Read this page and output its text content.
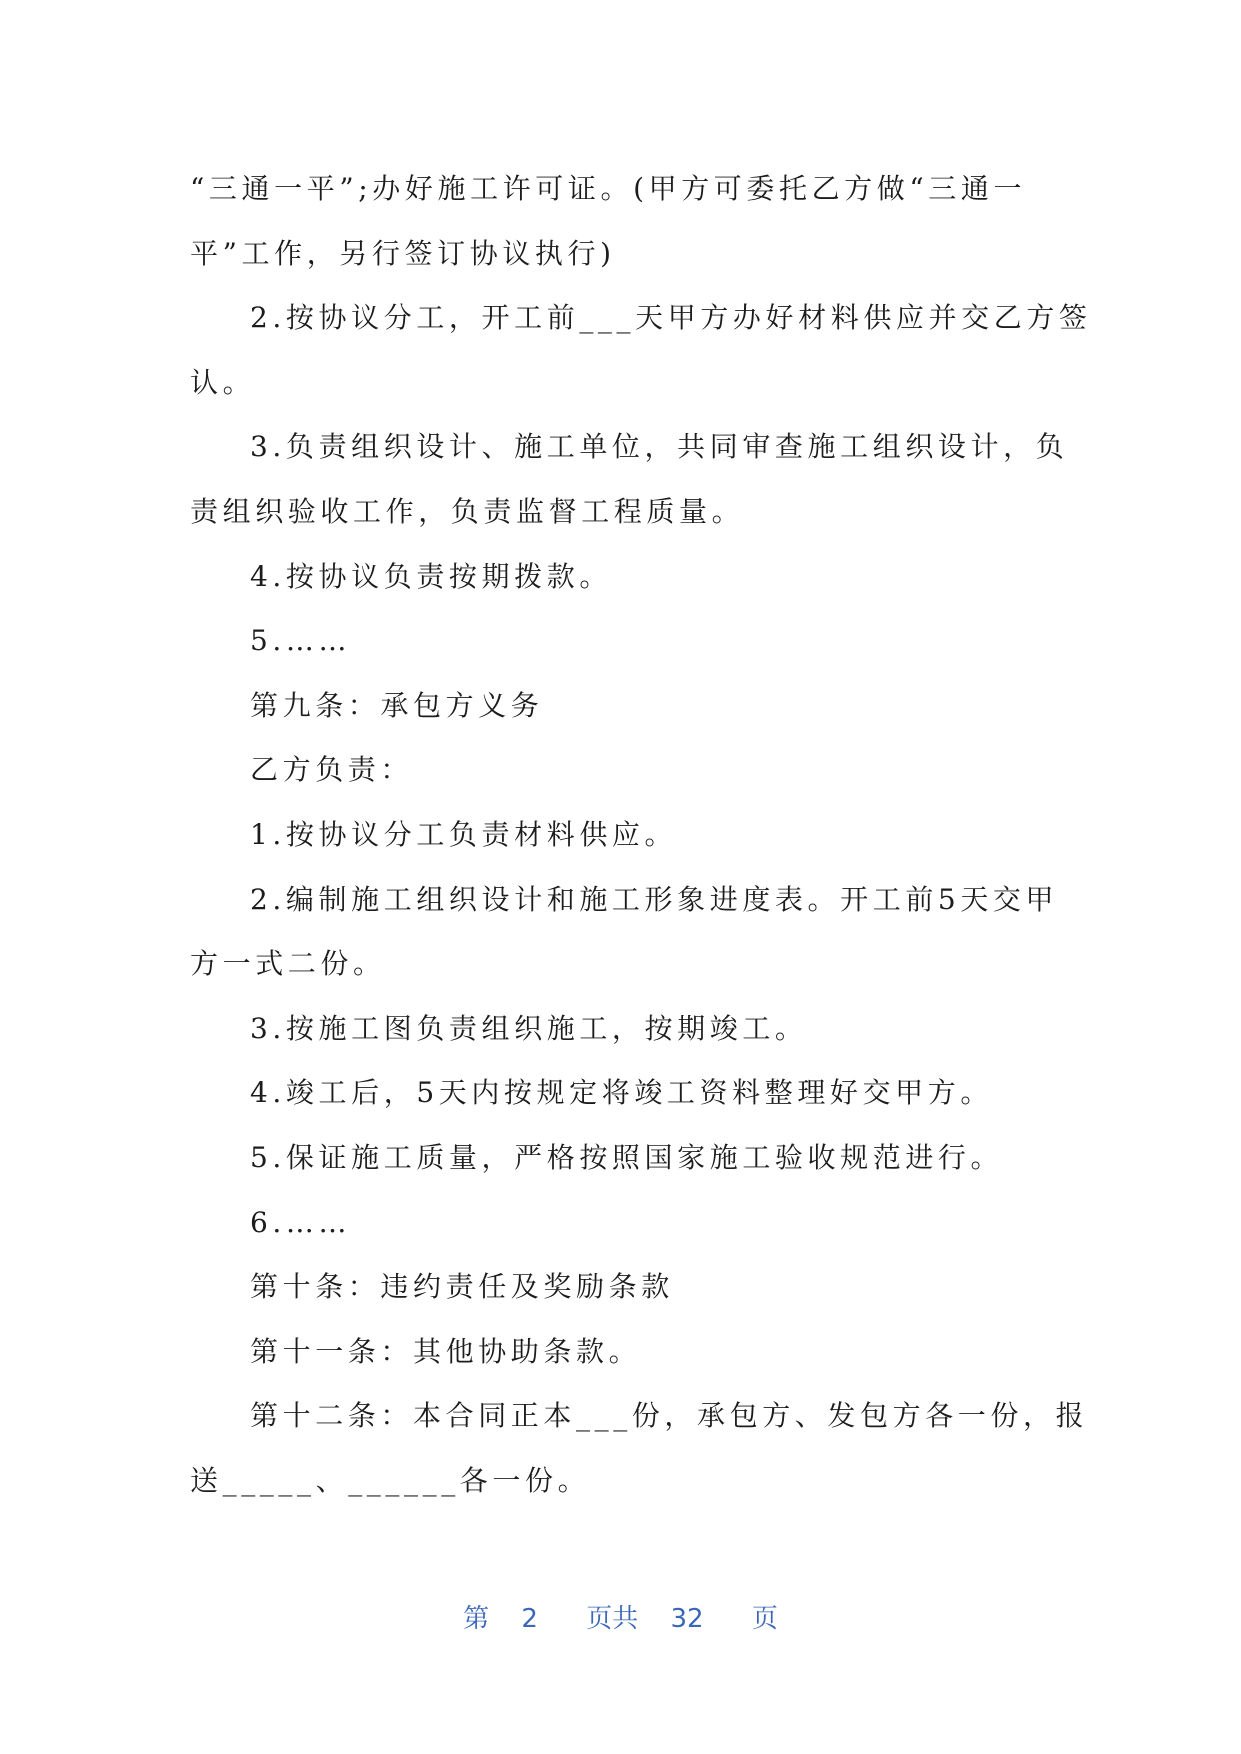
“三通一平”;办好施工许可证。(甲方可委托乙方做“三通一

平”工作，另行签订协议执行)

2.按协议分工，开工前___天甲方办好材料供应并交乙方签

认。

3.负责组织设计、施工单位，共同审查施工组织设计，负

责组织验收工作，负责监督工程质量。

4.按协议负责按期拨款。

5.……

第九条：承包方义务

乙方负责：

1.按协议分工负责材料供应。

2.编制施工组织设计和施工形象进度表。开工前5天交甲

方一式二份。

3.按施工图负责组织施工，按期竣工。

4.竣工后，5天内按规定将竣工资料整理好交甲方。

5.保证施工质量，严格按照国家施工验收规范进行。

6.……

第十条：违约责任及奖励条款

第十一条：其他协助条款。

第十二条：本合同正本___份，承包方、发包方各一份，报

送_____、______各一份。

第 2 页共 32 页
